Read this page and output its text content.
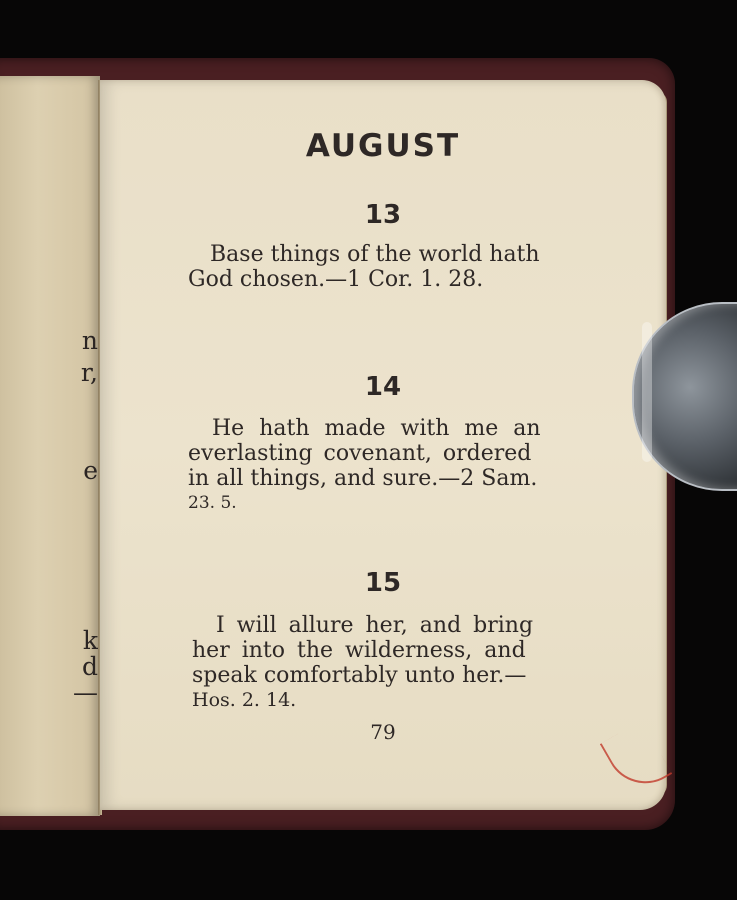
n
r,
e
k
d
—
AUGUST
13
Base things of the world hath
God chosen.—1 Cor. 1. 28.
14
He hath made with me an
everlasting covenant, ordered
in all things, and sure.—2 Sam.
23. 5.
15
I will allure her, and bring
her into the wilderness, and
speak comfortably unto her.—
Hos. 2. 14.
79
